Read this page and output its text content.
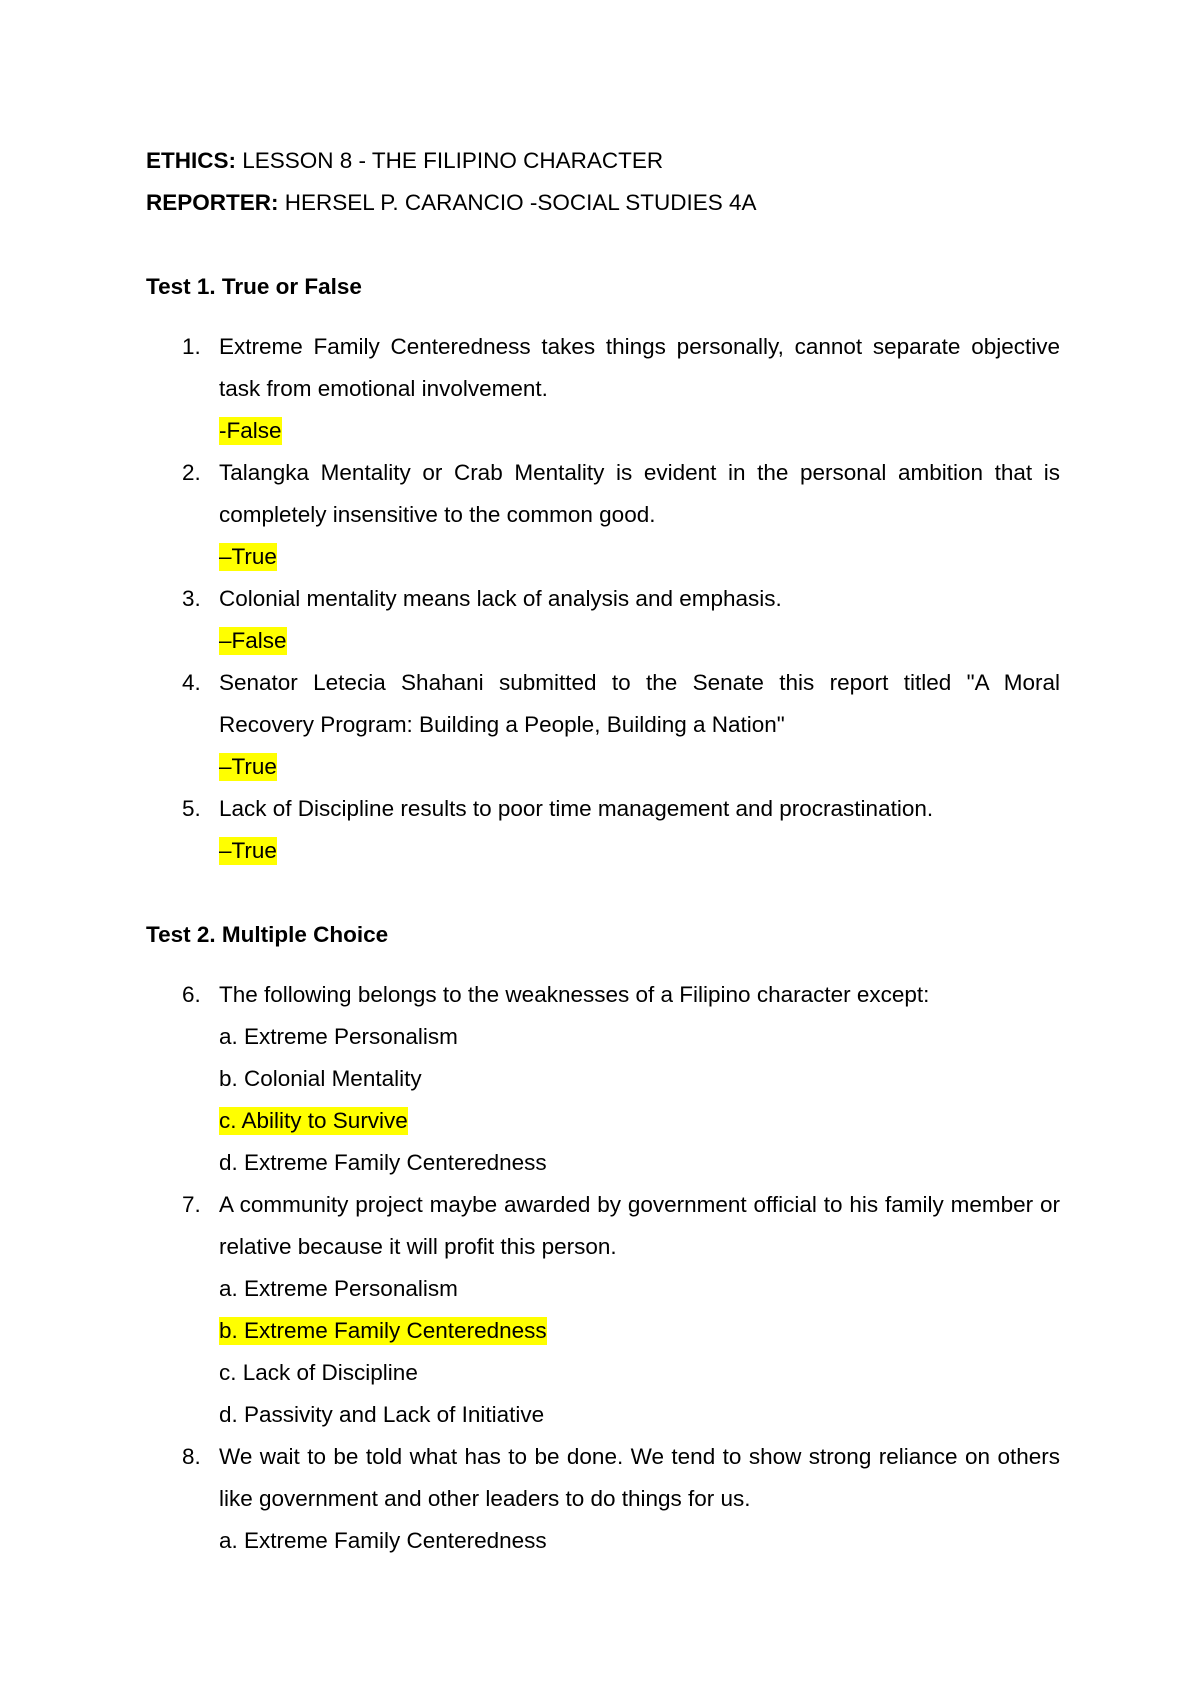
ETHICS: LESSON 8 - THE FILIPINO CHARACTER
REPORTER: HERSEL P. CARANCIO -SOCIAL STUDIES 4A
Test 1. True or False
1. Extreme Family Centeredness takes things personally, cannot separate objective task from emotional involvement.
-False
2. Talangka Mentality or Crab Mentality is evident in the personal ambition that is completely insensitive to the common good.
–True
3. Colonial mentality means lack of analysis and emphasis.
–False
4. Senator Letecia Shahani submitted to the Senate this report titled "A Moral Recovery Program: Building a People, Building a Nation"
–True
5. Lack of Discipline results to poor time management and procrastination.
–True
Test 2. Multiple Choice
6. The following belongs to the weaknesses of a Filipino character except:
a. Extreme Personalism
b. Colonial Mentality
c. Ability to Survive
d. Extreme Family Centeredness
7. A community project maybe awarded by government official to his family member or relative because it will profit this person.
a. Extreme Personalism
b. Extreme Family Centeredness
c. Lack of Discipline
d. Passivity and Lack of Initiative
8. We wait to be told what has to be done. We tend to show strong reliance on others like government and other leaders to do things for us.
a. Extreme Family Centeredness
